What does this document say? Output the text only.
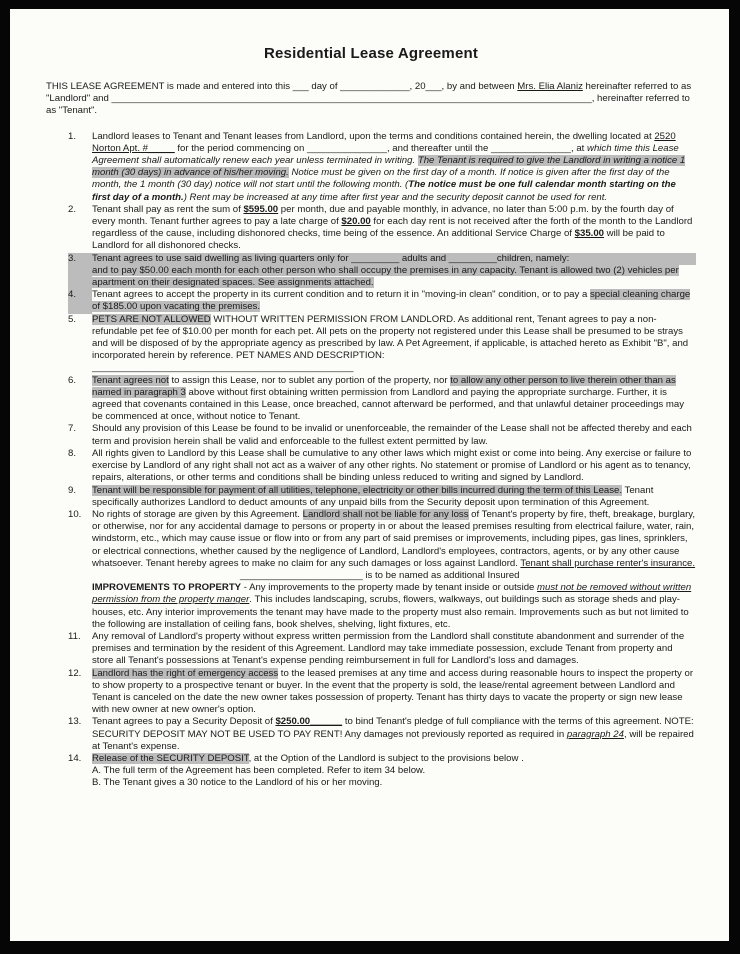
Residential Lease Agreement
THIS LEASE AGREEMENT is made and entered into this ___ day of _____________, 20___, by and between Mrs. Elia Alaniz hereinafter referred to as "Landlord" and __________________________________________________________________________________________, hereinafter referred to as "Tenant".
1.	Landlord leases to Tenant and Tenant leases from Landlord, upon the terms and conditions contained herein, the dwelling located at 2520 Norton Apt. #_____ for the period commencing on _______________, and thereafter until the _______________, at which time this Lease Agreement shall automatically renew each year unless terminated in writing. The Tenant is required to give the Landlord in writing a notice 1 month (30 days) in advance of his/her moving. Notice must be given on the first day of a month. If notice is given after the first day of the month, the 1 month (30 day) notice will not start until the following month. (The notice must be one full calendar month starting on the first day of a month.) Rent may be increased at any time after first year and the security deposit cannot be used for rent.
2.	Tenant shall pay as rent the sum of $595.00 per month, due and payable monthly, in advance, no later than 5:00 p.m. by the fourth day of every month. Tenant further agrees to pay a late charge of $20.00 for each day rent is not received after the forth of the month to the Landlord regardless of the cause, including dishonored checks, time being of the essence. An additional Service Charge of $35.00 will be paid to Landlord for all dishonored checks.
3.	Tenant agrees to use said dwelling as living quarters only for _________ adults and _________children, namely:
and to pay $50.00 each month for each other person who shall occupy the premises in any capacity. Tenant is allowed two (2) vehicles per apartment on their designated spaces. See assignments attached.
4.	Tenant agrees to accept the property in its current condition and to return it in "moving-in clean" condition, or to pay a special cleaning charge of $185.00 upon vacating the premises.
5.	PETS ARE NOT ALLOWED WITHOUT WRITTEN PERMISSION FROM LANDLORD. As additional rent, Tenant agrees to pay a non-refundable pet fee of $10.00 per month for each pet. All pets on the property not registered under this Lease shall be presumed to be strays and will be disposed of by the appropriate agency as prescribed by law. A Pet Agreement, if applicable, is attached hereto as Exhibit "B", and incorporated herein by reference. PET NAMES AND DESCRIPTION:
_________________________________________________
6.	Tenant agrees not to assign this Lease, nor to sublet any portion of the property, nor to allow any other person to live therein other than as named in paragraph 3 above without first obtaining written permission from Landlord and paying the appropriate surcharge. Further, it is agreed that covenants contained in this Lease, once breached, cannot afterward be performed, and that unlawful detainer proceedings may be commenced at once, without notice to Tenant.
7.	Should any provision of this Lease be found to be invalid or unenforceable, the remainder of the Lease shall not be affected thereby and each term and provision herein shall be valid and enforceable to the fullest extent permitted by law.
8.	All rights given to Landlord by this Lease shall be cumulative to any other laws which might exist or come into being. Any exercise or failure to exercise by Landlord of any right shall not act as a waiver of any other rights. No statement or promise of Landlord or his agent as to tenancy, repairs, alterations, or other terms and conditions shall be binding unless reduced to writing and signed by Landlord.
9.	Tenant will be responsible for payment of all utilities, telephone, electricity or other bills incurred during the term of this Lease. Tenant specifically authorizes Landlord to deduct amounts of any unpaid bills from the Security deposit upon termination of this Agreement.
10.	No rights of storage are given by this Agreement. Landlord shall not be liable for any loss of Tenant's property by fire, theft, breakage, burglary, or otherwise, nor for any accidental damage to persons or property in or about the leased premises resulting from electrical failure, water, rain, windstorm, etc., which may cause issue or flow into or from any part of said premises or improvements, including pipes, gas lines, sprinklers, or electrical connections, whether caused by the negligence of Landlord, Landlord's employees, contractors, agents, or by any other cause whatsoever. Tenant hereby agrees to make no claim for any such damages or loss against Landlord. Tenant shall purchase renter's insurance.
_______________________ is to be named as additional Insured
IMPROVEMENTS TO PROPERTY - Any improvements to the property made by tenant inside or outside must not be removed without written permission from the property manger. This includes landscaping, scrubs, flowers, walkways, out buildings such as storage sheds and play-houses, etc. Any interior improvements the tenant may have made to the property must also remain. Improvements such as but not limited to the following are installation of ceiling fans, book shelves, shelving, light fixtures, etc.
11.	Any removal of Landlord's property without express written permission from the Landlord shall constitute abandonment and surrender of the premises and termination by the resident of this Agreement. Landlord may take immediate possession, exclude Tenant from property and store all Tenant's possessions at Tenant's expense pending reimbursement in full for Landlord's loss and damages.
12.	Landlord has the right of emergency access to the leased premises at any time and access during reasonable hours to inspect the property or to show property to a prospective tenant or buyer. In the event that the property is sold, the lease/rental agreement between Landlord and Tenant is canceled on the date the new owner takes possession of property. Tenant has thirty days to vacate the property or sign new lease with new owner at new owner's option.
13.	Tenant agrees to pay a Security Deposit of $250.00______ to bind Tenant's pledge of full compliance with the terms of this agreement. NOTE: SECURITY DEPOSIT MAY NOT BE USED TO PAY RENT! Any damages not previously reported as required in paragraph 24, will be repaired at Tenant's expense.
14.	Release of the SECURITY DEPOSIT, at the Option of the Landlord is subject to the provisions below .
A. The full term of the Agreement has been completed. Refer to item 34 below.
B. The Tenant gives a 30 notice to the Landlord of his or her moving.
